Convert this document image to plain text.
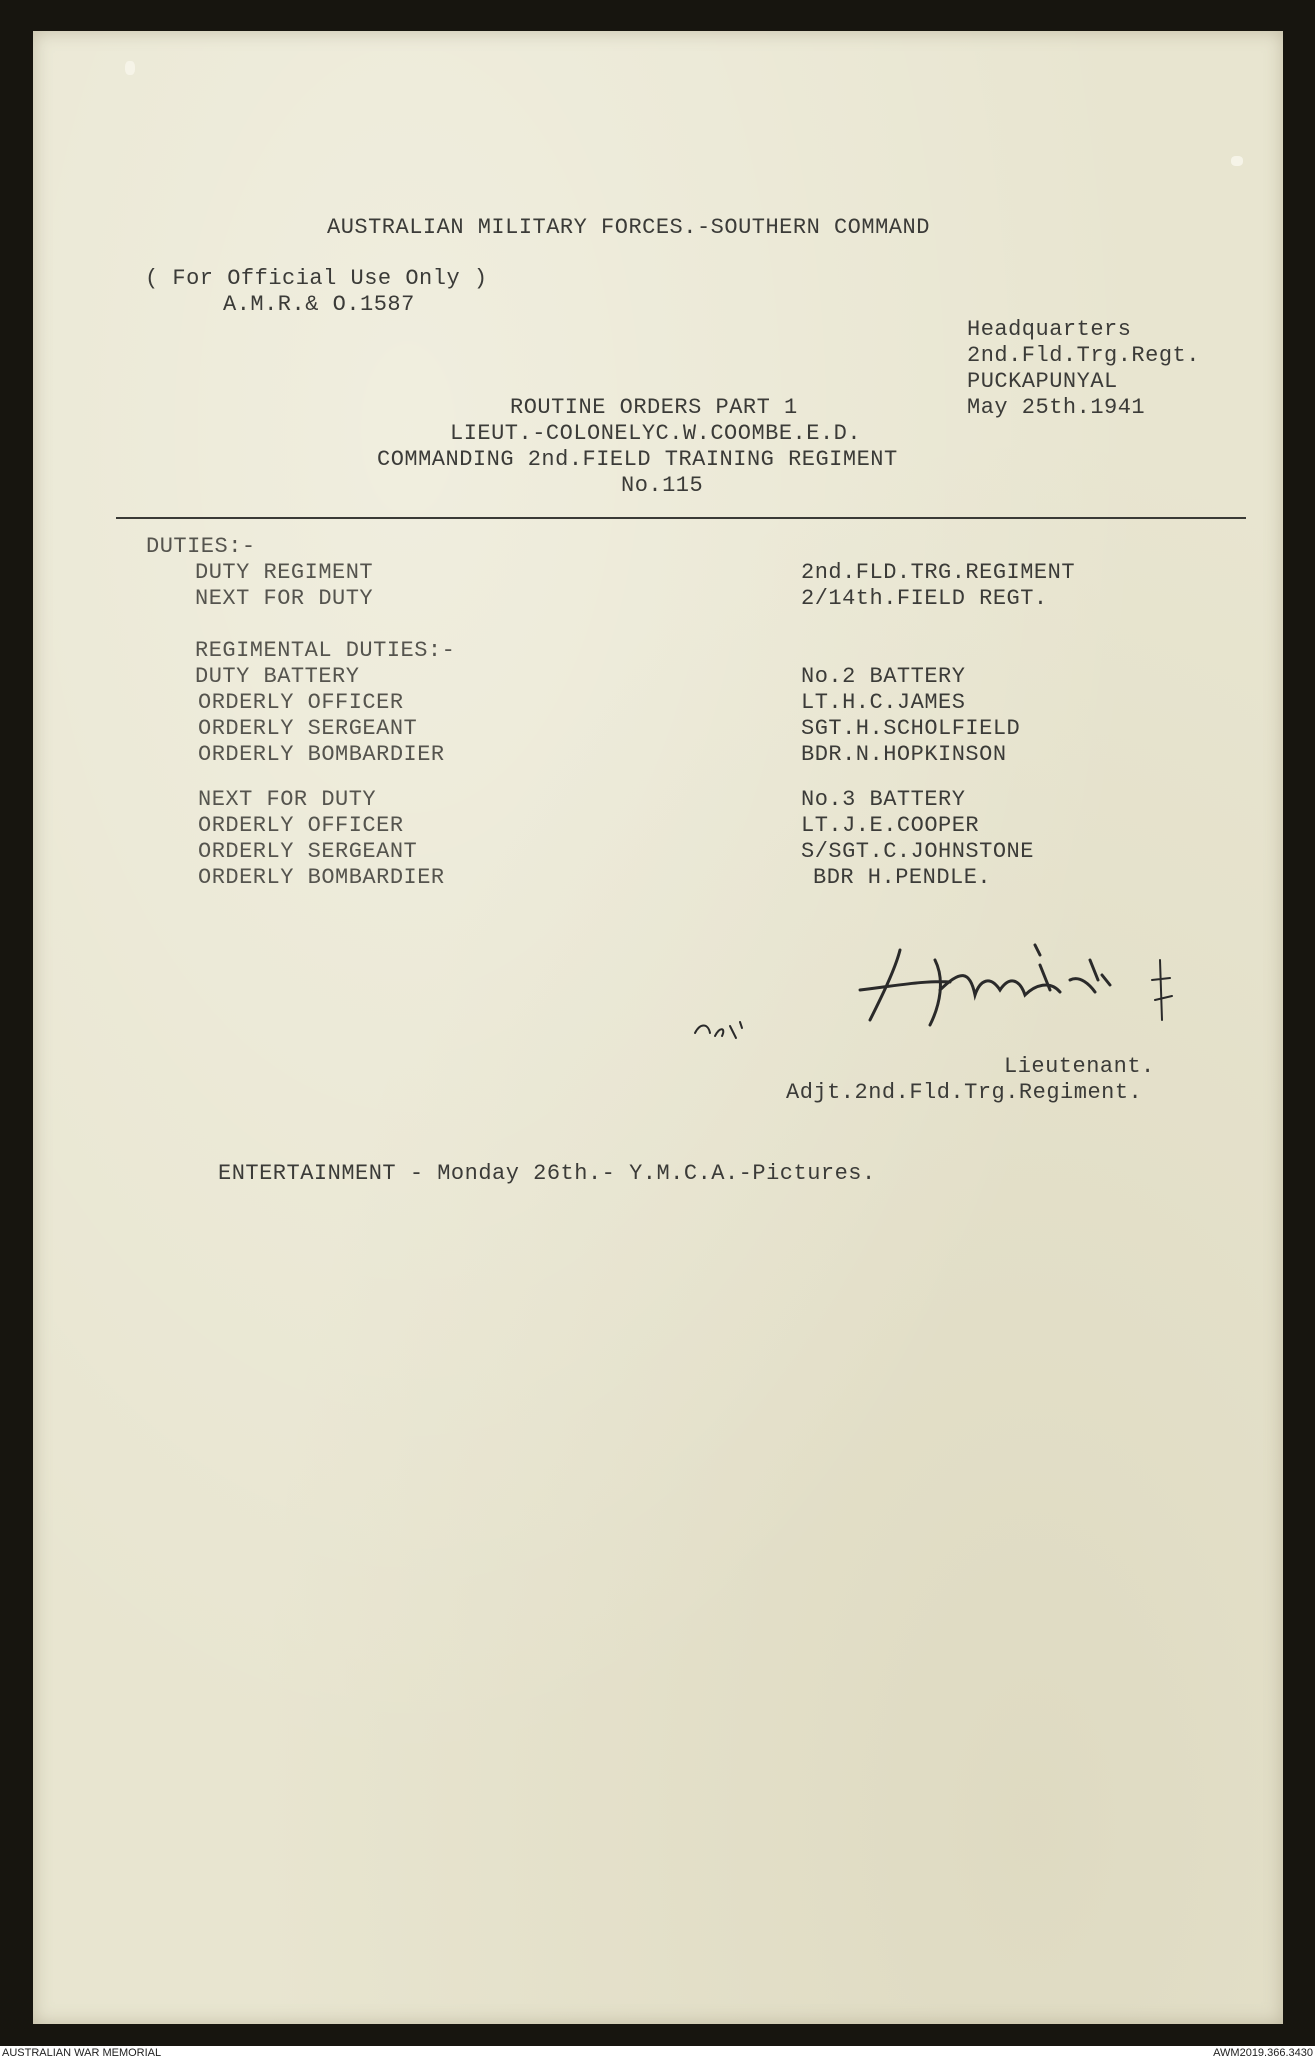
AUSTRALIAN MILITARY FORCES.-SOUTHERN COMMAND
( For Official Use Only )
A.M.R.& O.1587
Headquarters
2nd.Fld.Trg.Regt.
PUCKAPUNYAL
May 25th.1941
ROUTINE ORDERS PART 1
LIEUT.-COLONELYC.W.COOMBE.E.D.
COMMANDING 2nd.FIELD TRAINING REGIMENT
No.115
DUTIES:-
DUTY REGIMENT	2nd.FLD.TRG.REGIMENT
NEXT FOR DUTY	2/14th.FIELD REGT.
REGIMENTAL DUTIES:-
DUTY BATTERY	No.2 BATTERY
ORDERLY OFFICER	LT.H.C.JAMES
ORDERLY SERGEANT	SGT.H.SCHOLFIELD
ORDERLY BOMBARDIER	BDR.N.HOPKINSON
NEXT FOR DUTY	No.3 BATTERY
ORDERLY OFFICER	LT.J.E.COOPER
ORDERLY SERGEANT	S/SGT.C.JOHNSTONE
ORDERLY BOMBARDIER	BDR H.PENDLE.
Lieutenant.
Adjt.2nd.Fld.Trg.Regiment.
ENTERTAINMENT - Monday 26th.- Y.M.C.A.-Pictures.
AUSTRALIAN WAR MEMORIAL	AWM2019.366.3430
